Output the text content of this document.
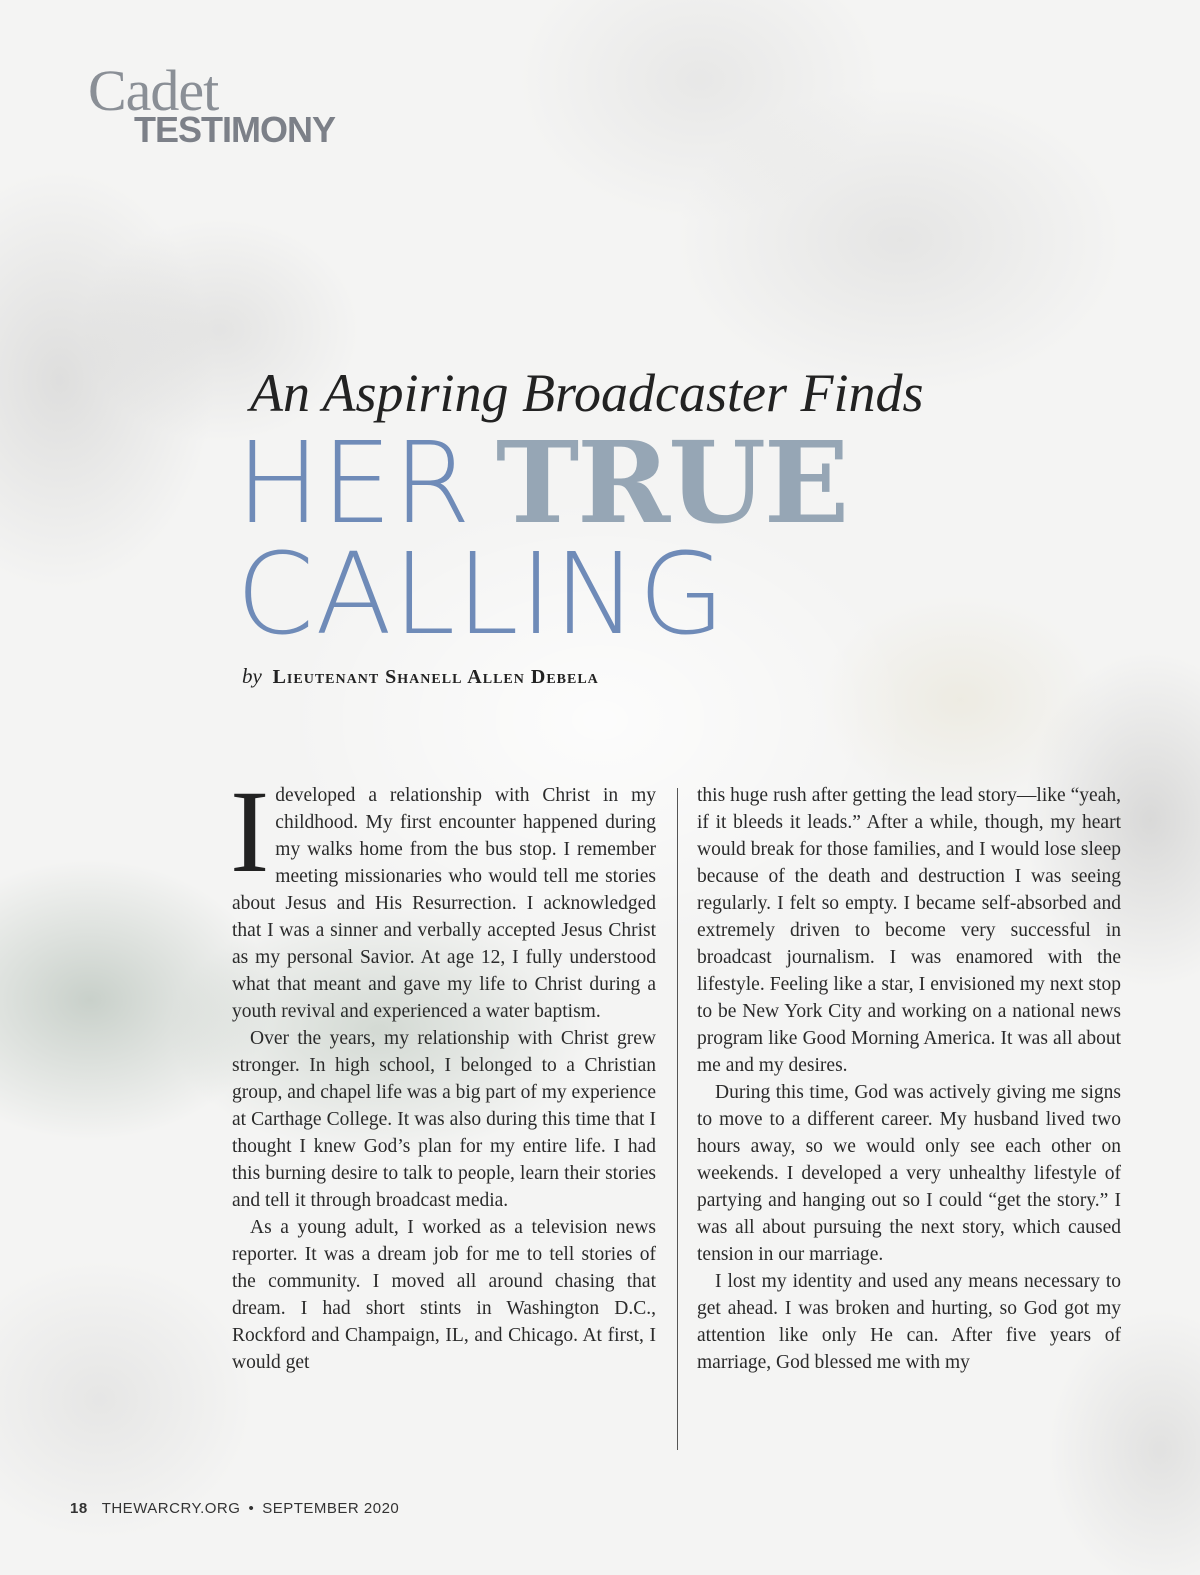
Cadet
TESTIMONY
An Aspiring Broadcaster Finds
HER TRUE
CALLING
by Lieutenant Shanell Allen Debela

Ideveloped a relationship with Christ in my childhood. My first encounter happened during my walks home from the bus stop. I remember meeting missionaries who would tell me stories about Jesus and His Resurrection. I acknowledged that I was a sinner and verbally accepted Jesus Christ as my personal Savior. At age 12, I fully understood what that meant and gave my life to Christ during a youth revival and experienced a water baptism.

Over the years, my relationship with Christ grew stronger. In high school, I belonged to a Christian group, and chapel life was a big part of my experience at Carthage College. It was also during this time that I thought I knew God’s plan for my entire life. I had this burning desire to talk to people, learn their stories and tell it through broadcast media.

As a young adult, I worked as a television news reporter. It was a dream job for me to tell stories of the community. I moved all around chasing that dream. I had short stints in Washington D.C., Rockford and Champaign, IL, and Chicago. At first, I would get

this huge rush after getting the lead story—like “yeah, if it bleeds it leads.” After a while, though, my heart would break for those families, and I would lose sleep because of the death and destruction I was seeing regularly. I felt so empty. I became self-absorbed and extremely driven to become very successful in broadcast journalism. I was enamored with the lifestyle. Feeling like a star, I envisioned my next stop to be New York City and working on a national news program like Good Morning America. It was all about me and my desires.

During this time, God was actively giving me signs to move to a different career. My husband lived two hours away, so we would only see each other on weekends. I developed a very unhealthy lifestyle of partying and hanging out so I could “get the story.” I was all about pursuing the next story, which caused tension in our marriage.

I lost my identity and used any means necessary to get ahead. I was broken and hurting, so God got my attention like only He can. After five years of marriage, God blessed me with my

18 THEWARCRY.ORG • SEPTEMBER 2020
